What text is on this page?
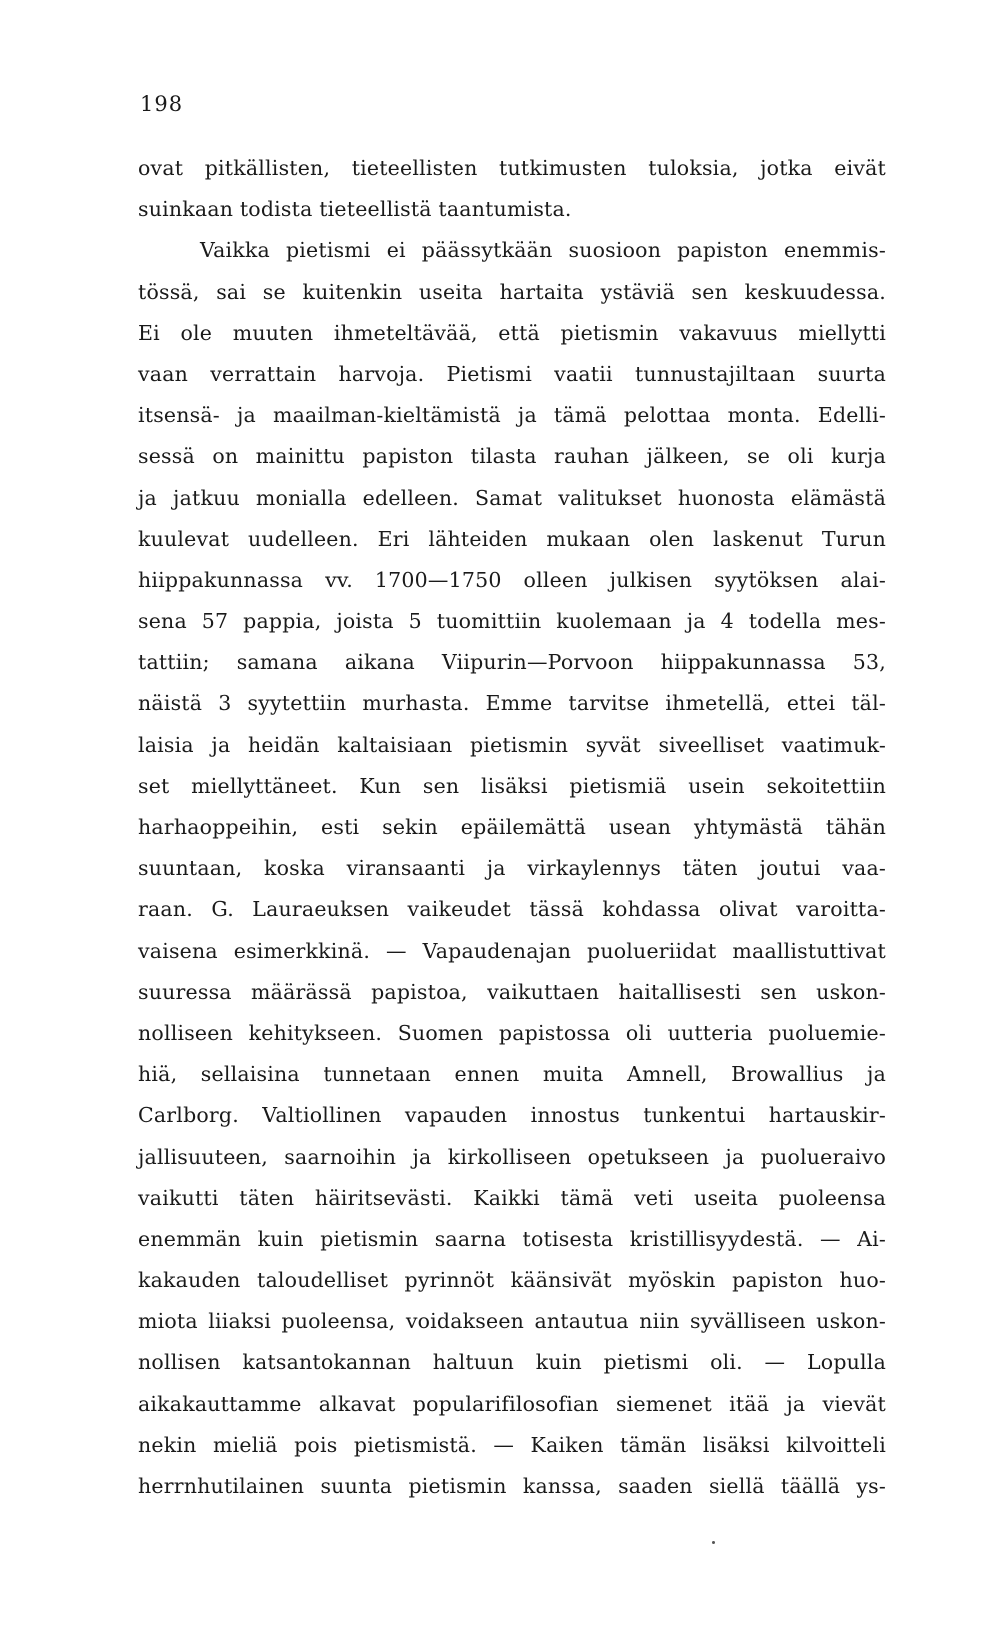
198
ovat pitkällisten, tieteellisten tutkimusten tuloksia, jotka eivät
suinkaan todista tieteellistä taantumista.
Vaikka pietismi ei päässytkään suosioon papiston enemmis-
tössä, sai se kuitenkin useita hartaita ystäviä sen keskuudessa.
Ei ole muuten ihmeteltävää, että pietismin vakavuus miellytti
vaan verrattain harvoja. Pietismi vaatii tunnustajiltaan suurta
itsensä- ja maailman-kieltämistä ja tämä pelottaa monta. Edelli-
sessä on mainittu papiston tilasta rauhan jälkeen, se oli kurja
ja jatkuu monialla edelleen. Samat valitukset huonosta elämästä
kuulevat uudelleen. Eri lähteiden mukaan olen laskenut Turun
hiippakunnassa vv. 1700—1750 olleen julkisen syytöksen alai-
sena 57 pappia, joista 5 tuomittiin kuolemaan ja 4 todella mes-
tattiin; samana aikana Viipurin—Porvoon hiippakunnassa 53,
näistä 3 syytettiin murhasta. Emme tarvitse ihmetellä, ettei täl-
laisia ja heidän kaltaisiaan pietismin syvät siveelliset vaatimuk-
set miellyttäneet. Kun sen lisäksi pietismiä usein sekoitettiin
harhaoppeihin, esti sekin epäilemättä usean yhtymästä tähän
suuntaan, koska viransaanti ja virkaylennys täten joutui vaa-
raan. G. Lauraeuksen vaikeudet tässä kohdassa olivat varoitta-
vaisena esimerkkinä. — Vapaudenajan puolueriidat maallistuttivat
suuressa määrässä papistoa, vaikuttaen haitallisesti sen uskon-
nolliseen kehitykseen. Suomen papistossa oli uutteria puoluemie-
hiä, sellaisina tunnetaan ennen muita Amnell, Browallius ja
Carlborg. Valtiollinen vapauden innostus tunkentui hartauskir-
jallisuuteen, saarnoihin ja kirkolliseen opetukseen ja puolueraivo
vaikutti täten häiritsevästi. Kaikki tämä veti useita puoleensa
enemmän kuin pietismin saarna totisesta kristillisyydestä. — Ai-
kakauden taloudelliset pyrinnöt käänsivät myöskin papiston huo-
miota liiaksi puoleensa, voidakseen antautua niin syvälliseen uskon-
nollisen katsantokannan haltuun kuin pietismi oli. — Lopulla
aikakauttamme alkavat popularifilosofian siemenet itää ja vievät
nekin mieliä pois pietismistä. — Kaiken tämän lisäksi kilvoitteli
herrnhutilainen suunta pietismin kanssa, saaden siellä täällä ys-
